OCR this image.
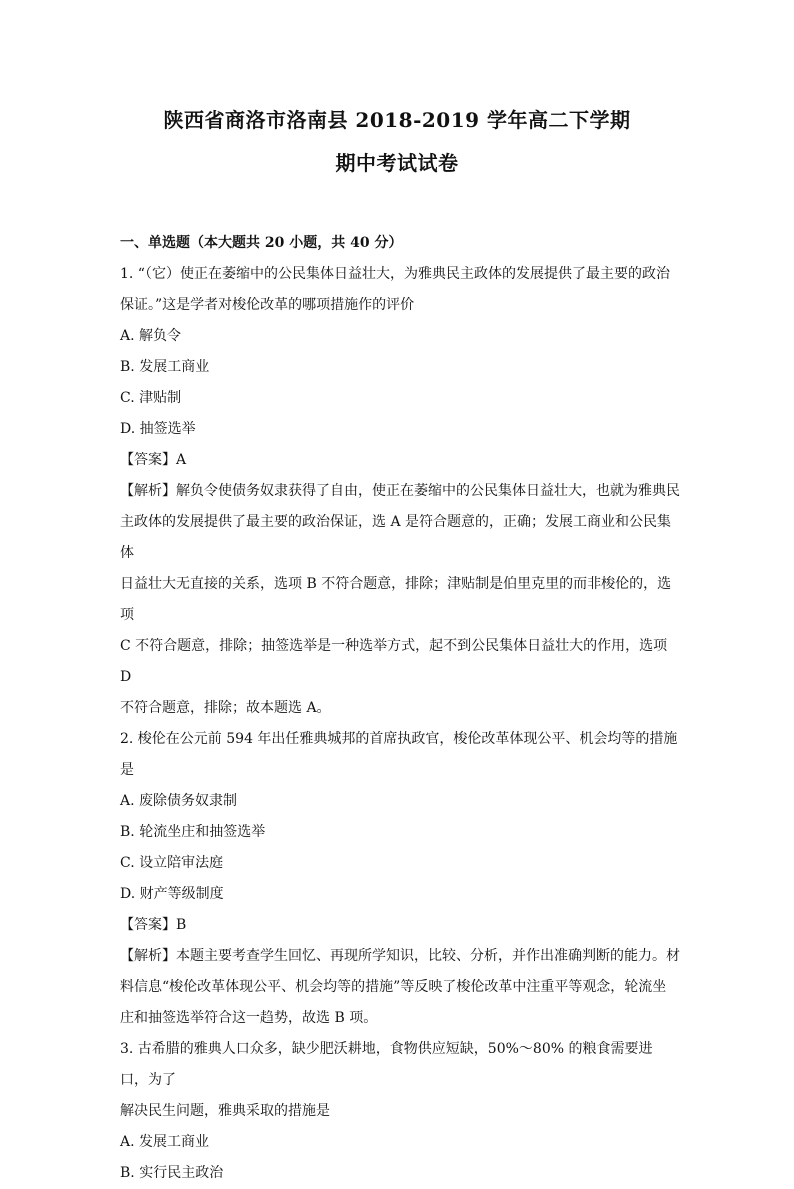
陕西省商洛市洛南县 2018-2019 学年高二下学期
期中考试试卷

一、单选题（本大题共 20 小题，共 40 分）

1. “（它）使正在萎缩中的公民集体日益壮大，为雅典民主政体的发展提供了最主要的政治

保证。”这是学者对梭伦改革的哪项措施作的评价

A. 解负令

B. 发展工商业

C. 津贴制

D. 抽签选举

【答案】A

【解析】解负令使债务奴隶获得了自由，使正在萎缩中的公民集体日益壮大，也就为雅典民

主政体的发展提供了最主要的政治保证，选 A 是符合题意的，正确；发展工商业和公民集体

日益壮大无直接的关系，选项 B 不符合题意，排除；津贴制是伯里克里的而非梭伦的，选项

C 不符合题意，排除；抽签选举是一种选举方式，起不到公民集体日益壮大的作用，选项 D

不符合题意，排除；故本题选 A。

2. 梭伦在公元前 594 年出任雅典城邦的首席执政官，梭伦改革体现公平、机会均等的措施是

A. 废除债务奴隶制

B. 轮流坐庄和抽签选举

C. 设立陪审法庭

D. 财产等级制度

【答案】B

【解析】本题主要考查学生回忆、再现所学知识，比较、分析，并作出准确判断的能力。材

料信息“梭伦改革体现公平、机会均等的措施”等反映了梭伦改革中注重平等观念，轮流坐

庄和抽签选举符合这一趋势，故选 B 项。

3. 古希腊的雅典人口众多，缺少肥沃耕地，食物供应短缺，50%～80% 的粮食需要进口，为了

解决民生问题，雅典采取的措施是

A. 发展工商业

B. 实行民主政治
